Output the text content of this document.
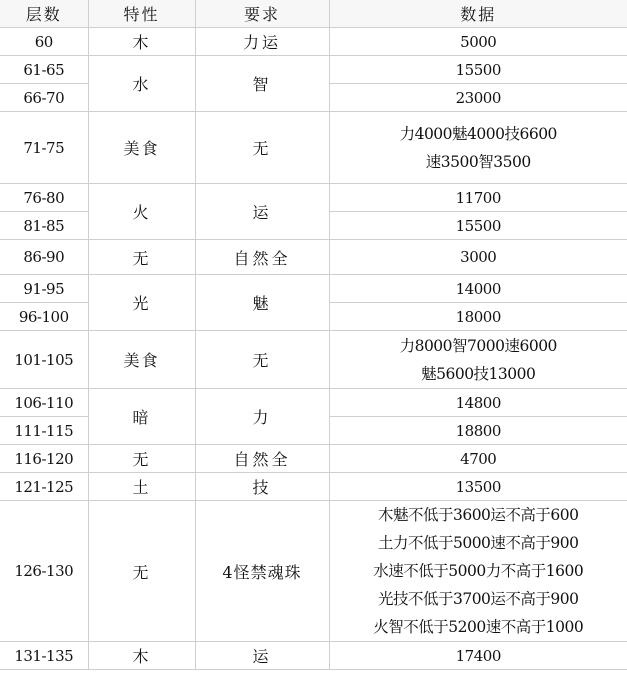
层数	特性	要求	数据
60	木	力运	5000
61-65	水	智	15500
66-70			23000
71-75	美食	无	力4000魅4000技6600
速3500智3500

76-80	火	运	11700
81-85			15500
86-90	无	自然全	3000
91-95	光	魅	14000
96-100			18000
101-105	美食	无	力8000智7000速6000
魅5600技13000

106-110	暗	力	14800
111-115			18800
116-120	无	自然全	4700
121-125	土	技	13500
126-130	无	4怪禁魂珠	木魅不低于3600运不高于600
土力不低于5000速不高于900
水速不低于5000力不高于1600
光技不低于3700运不高于900
火智不低于5200速不高于1000

131-135	木	运	17400
